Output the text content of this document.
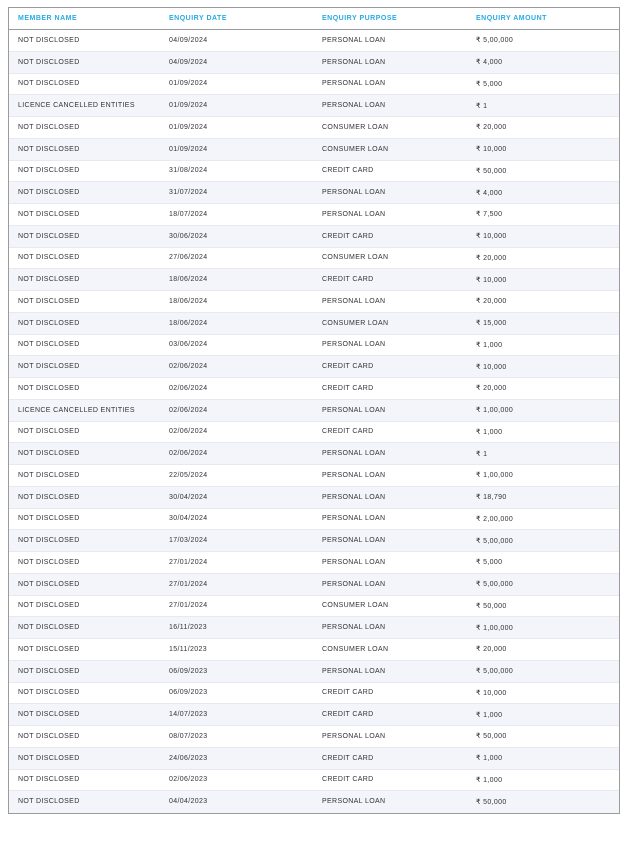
MEMBER NAME	ENQUIRY DATE	ENQUIRY PURPOSE	ENQUIRY AMOUNT
NOT DISCLOSED	04/09/2024	PERSONAL LOAN	₹ 5,00,000
NOT DISCLOSED	04/09/2024	PERSONAL LOAN	₹ 4,000
NOT DISCLOSED	01/09/2024	PERSONAL LOAN	₹ 5,000
LICENCE CANCELLED ENTITIES	01/09/2024	PERSONAL LOAN	₹ 1
NOT DISCLOSED	01/09/2024	CONSUMER LOAN	₹ 20,000
NOT DISCLOSED	01/09/2024	CONSUMER LOAN	₹ 10,000
NOT DISCLOSED	31/08/2024	CREDIT CARD	₹ 50,000
NOT DISCLOSED	31/07/2024	PERSONAL LOAN	₹ 4,000
NOT DISCLOSED	18/07/2024	PERSONAL LOAN	₹ 7,500
NOT DISCLOSED	30/06/2024	CREDIT CARD	₹ 10,000
NOT DISCLOSED	27/06/2024	CONSUMER LOAN	₹ 20,000
NOT DISCLOSED	18/06/2024	CREDIT CARD	₹ 10,000
NOT DISCLOSED	18/06/2024	PERSONAL LOAN	₹ 20,000
NOT DISCLOSED	18/06/2024	CONSUMER LOAN	₹ 15,000
NOT DISCLOSED	03/06/2024	PERSONAL LOAN	₹ 1,000
NOT DISCLOSED	02/06/2024	CREDIT CARD	₹ 10,000
NOT DISCLOSED	02/06/2024	CREDIT CARD	₹ 20,000
LICENCE CANCELLED ENTITIES	02/06/2024	PERSONAL LOAN	₹ 1,00,000
NOT DISCLOSED	02/06/2024	CREDIT CARD	₹ 1,000
NOT DISCLOSED	02/06/2024	PERSONAL LOAN	₹ 1
NOT DISCLOSED	22/05/2024	PERSONAL LOAN	₹ 1,00,000
NOT DISCLOSED	30/04/2024	PERSONAL LOAN	₹ 18,790
NOT DISCLOSED	30/04/2024	PERSONAL LOAN	₹ 2,00,000
NOT DISCLOSED	17/03/2024	PERSONAL LOAN	₹ 5,00,000
NOT DISCLOSED	27/01/2024	PERSONAL LOAN	₹ 5,000
NOT DISCLOSED	27/01/2024	PERSONAL LOAN	₹ 5,00,000
NOT DISCLOSED	27/01/2024	CONSUMER LOAN	₹ 50,000
NOT DISCLOSED	16/11/2023	PERSONAL LOAN	₹ 1,00,000
NOT DISCLOSED	15/11/2023	CONSUMER LOAN	₹ 20,000
NOT DISCLOSED	06/09/2023	PERSONAL LOAN	₹ 5,00,000
NOT DISCLOSED	06/09/2023	CREDIT CARD	₹ 10,000
NOT DISCLOSED	14/07/2023	CREDIT CARD	₹ 1,000
NOT DISCLOSED	08/07/2023	PERSONAL LOAN	₹ 50,000
NOT DISCLOSED	24/06/2023	CREDIT CARD	₹ 1,000
NOT DISCLOSED	02/06/2023	CREDIT CARD	₹ 1,000
NOT DISCLOSED	04/04/2023	PERSONAL LOAN	₹ 50,000
